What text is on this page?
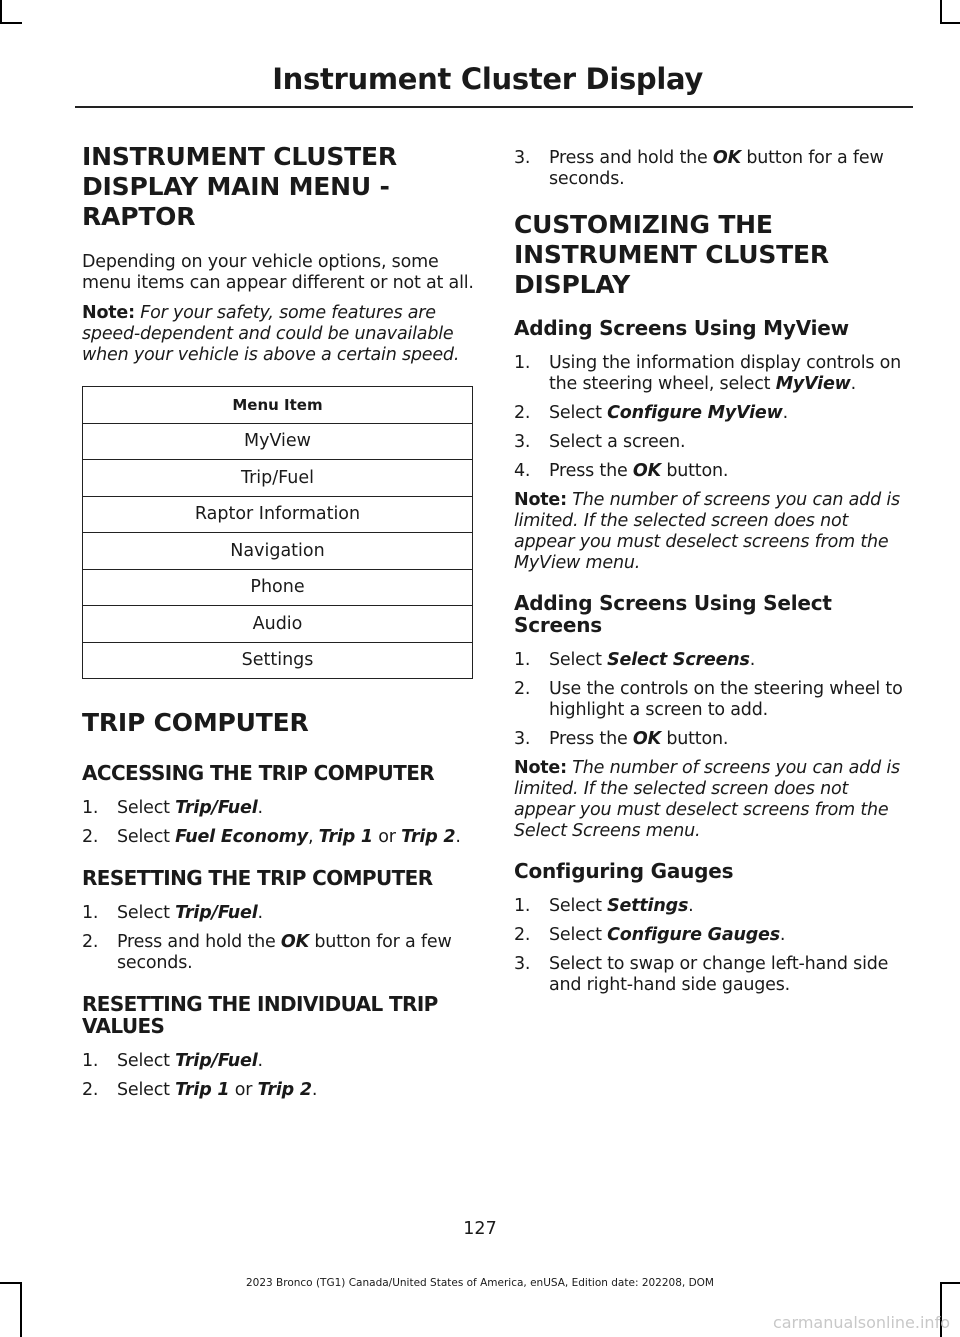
Instrument Cluster Display
INSTRUMENT CLUSTER DISPLAY MAIN MENU - RAPTOR

Depending on your vehicle options, some menu items can appear different or not at all.

Note: For your safety, some features are speed-dependent and could be unavailable when your vehicle is above a certain speed.

Menu Item
MyView
Trip/Fuel
Raptor Information
Navigation
Phone
Audio
Settings
TRIP COMPUTER
ACCESSING THE TRIP COMPUTER
1. Select Trip/Fuel.
2. Select Fuel Economy, Trip 1 or Trip 2.
RESETTING THE TRIP COMPUTER
1. Select Trip/Fuel.
2. Press and hold the OK button for a few seconds.
RESETTING THE INDIVIDUAL TRIP VALUES
1. Select Trip/Fuel.
2. Select Trip 1 or Trip 2.
3. Press and hold the OK button for a few seconds.
CUSTOMIZING THE INSTRUMENT CLUSTER DISPLAY
Adding Screens Using MyView
1. Using the information display controls on the steering wheel, select MyView.
2. Select Configure MyView.
3. Select a screen.
4. Press the OK button.

Note: The number of screens you can add is limited. If the selected screen does not appear you must deselect screens from the MyView menu.

Adding Screens Using Select Screens
1. Select Select Screens.
2. Use the controls on the steering wheel to highlight a screen to add.
3. Press the OK button.

Note: The number of screens you can add is limited. If the selected screen does not appear you must deselect screens from the Select Screens menu.

Configuring Gauges
1. Select Settings.
2. Select Configure Gauges.
3. Select to swap or change left-hand side and right-hand side gauges.
127
2023 Bronco (TG1) Canada/United States of America, enUSA, Edition date: 202208, DOM
carmanualsonline.info
